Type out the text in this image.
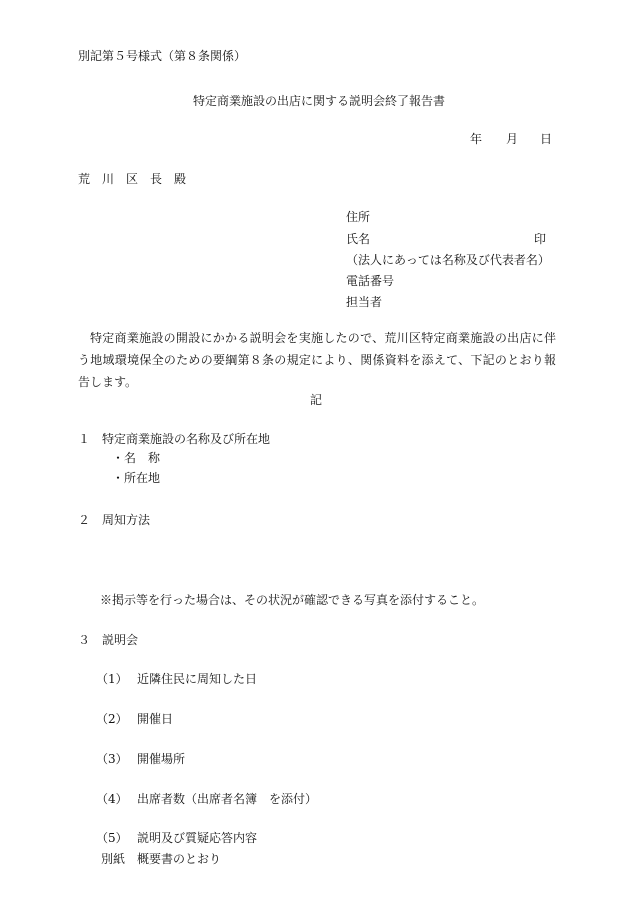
別記第５号様式（第８条関係）
特定商業施設の出店に関する説明会終了報告書
年 月 日
荒　川　区　長　殿
住所
氏名	印
（法人にあっては名称及び代表者名）
電話番号
担当者
特定商業施設の開設にかかる説明会を実施したので、荒川区特定商業施設の出店に伴う地域環境保全のための要綱第８条の規定により、関係資料を添えて、下記のとおり報告します。
記
１　特定商業施設の名称及び所在地
・名　称
・所在地
２　周知方法
※掲示等を行った場合は、その状況が確認できる写真を添付すること。
３　説明会
（1） 近隣住民に周知した日
（2） 開催日
（3） 開催場所
（4） 出席者数（出席者名簿　を添付）
（5） 説明及び質疑応答内容
別紙　概要書のとおり
